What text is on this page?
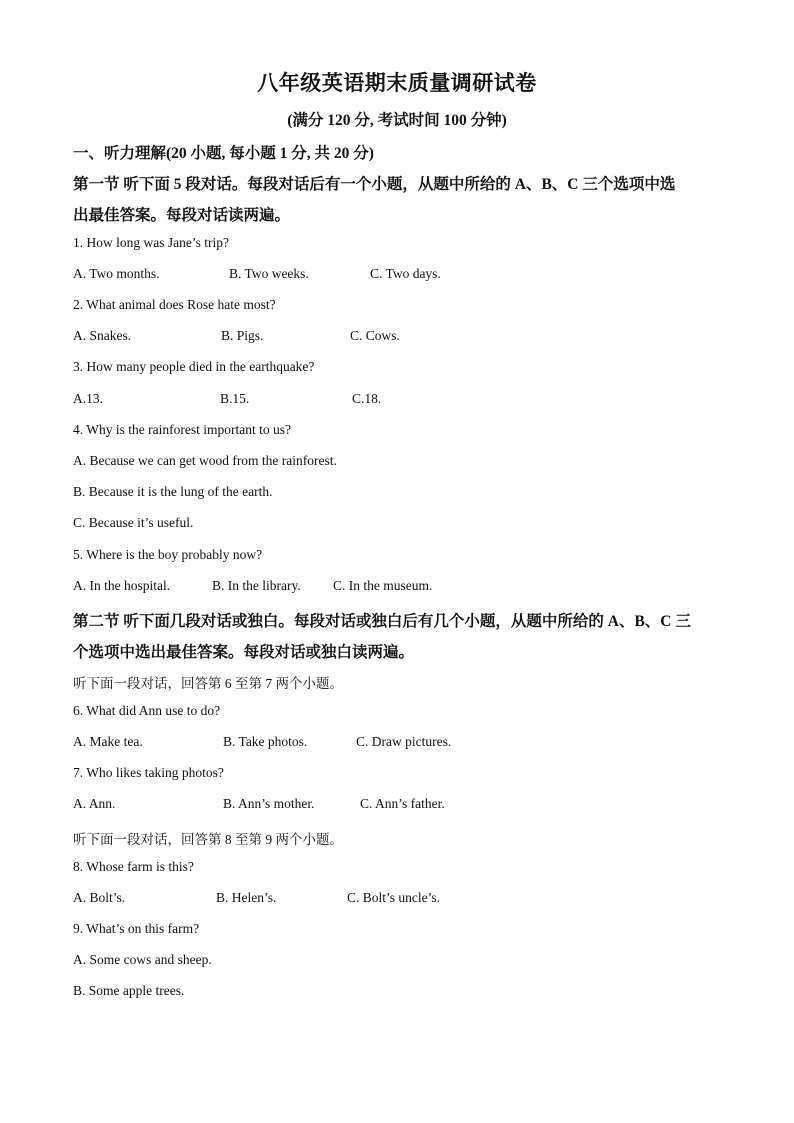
八年级英语期末质量调研试卷
(满分 120 分, 考试时间 100 分钟)
一、听力理解(20 小题, 每小题 1 分, 共 20 分)
第一节 听下面 5 段对话。每段对话后有一个小题，从题中所给的 A、B、C 三个选项中选
出最佳答案。每段对话读两遍。
1. How long was Jane’s trip?
A. Two months.	B. Two weeks.	C. Two days.
2. What animal does Rose hate most?
A. Snakes.	B. Pigs.	C. Cows.
3. How many people died in the earthquake?
A.13.	B.15.	C.18.
4. Why is the rainforest important to us?
A. Because we can get wood from the rainforest.
B. Because it is the lung of the earth.
C. Because it’s useful.
5. Where is the boy probably now?
A. In the hospital.	B. In the library. C. In the museum.
第二节 听下面几段对话或独白。每段对话或独白后有几个小题，从题中所给的 A、B、C 三
个选项中选出最佳答案。每段对话或独白读两遍。
听下面一段对话，回答第 6 至第 7 两个小题。
6. What did Ann use to do?
A. Make tea.	B. Take photos.	C. Draw pictures.
7. Who likes taking photos?
A. Ann.	B. Ann’s mother.	C. Ann’s father.
听下面一段对话，回答第 8 至第 9 两个小题。
8. Whose farm is this?
A. Bolt’s.	B. Helen’s.	C. Bolt’s uncle’s.
9. What’s on this farm?
A. Some cows and sheep.
B. Some apple trees.
